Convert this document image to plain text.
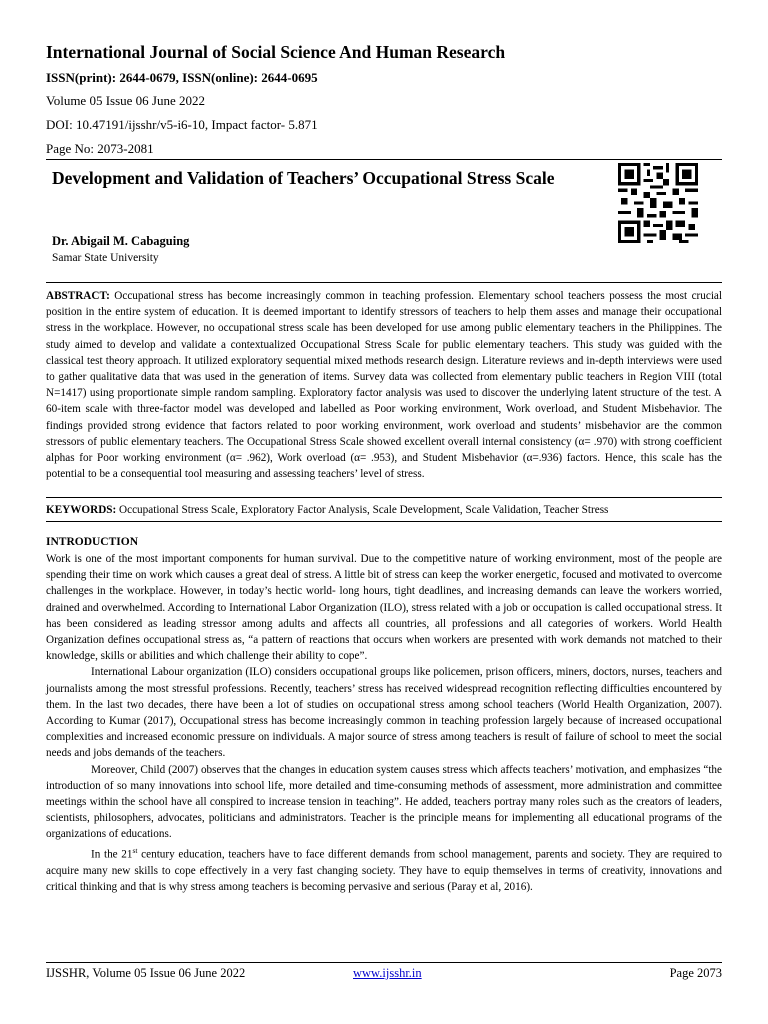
International Journal of Social Science And Human Research
ISSN(print): 2644-0679, ISSN(online): 2644-0695
Volume 05 Issue 06 June 2022
DOI: 10.47191/ijsshr/v5-i6-10, Impact factor- 5.871
Page No: 2073-2081
Development and Validation of Teachers’ Occupational Stress Scale
Dr. Abigail M. Cabaguing
Samar State University
ABSTRACT: Occupational stress has become increasingly common in teaching profession. Elementary school teachers possess the most crucial position in the entire system of education. It is deemed important to identify stressors of teachers to help them asses and manage their occupational stress in the workplace. However, no occupational stress scale has been developed for use among public elementary teachers in the Philippines. The study aimed to develop and validate a contextualized Occupational Stress Scale for public elementary teachers. This study was guided with the classical test theory approach. It utilized exploratory sequential mixed methods research design. Literature reviews and in-depth interviews were used to gather qualitative data that was used in the generation of items. Survey data was collected from elementary public teachers in Region VIII (total N=1417) using proportionate simple random sampling. Exploratory factor analysis was used to discover the underlying latent structure of the test. A 60-item scale with three-factor model was developed and labelled as Poor working environment, Work overload, and Student Misbehavior. The findings provided strong evidence that factors related to poor working environment, work overload and students’ misbehavior are the common stressors of public elementary teachers. The Occupational Stress Scale showed excellent overall internal consistency (α= .970) with strong coefficient alphas for Poor working environment (α= .962), Work overload (α= .953), and Student Misbehavior (α=.936) factors. Hence, this scale has the potential to be a consequential tool measuring and assessing teachers’ level of stress.
KEYWORDS: Occupational Stress Scale, Exploratory Factor Analysis, Scale Development, Scale Validation, Teacher Stress
INTRODUCTION

Work is one of the most important components for human survival. Due to the competitive nature of working environment, most of the people are spending their time on work which causes a great deal of stress. A little bit of stress can keep the worker energetic, focused and motivated to overcome challenges in the workplace. However, in today’s hectic world- long hours, tight deadlines, and increasing demands can leave the workers worried, drained and overwhelmed. According to International Labor Organization (ILO), stress related with a job or occupation is called occupational stress. It has been considered as leading stressor among adults and affects all countries, all professions and all categories of workers. World Health Organization defines occupational stress as, “a pattern of reactions that occurs when workers are presented with work demands not matched to their knowledge, skills or abilities and which challenge their ability to cope”.

International Labour organization (ILO) considers occupational groups like policemen, prison officers, miners, doctors, nurses, teachers and journalists among the most stressful professions. Recently, teachers’ stress has received widespread recognition reflecting difficulties encountered by them. In the last two decades, there have been a lot of studies on occupational stress among school teachers (World Health Organization, 2007). According to Kumar (2017), Occupational stress has become increasingly common in teaching profession largely because of increased occupational complexities and increased economic pressure on individuals. A major source of stress among teachers is result of failure of school to meet the social needs and jobs demands of the teachers.

Moreover, Child (2007) observes that the changes in education system causes stress which affects teachers’ motivation, and emphasizes “the introduction of so many innovations into school life, more detailed and time-consuming methods of assessment, more administration and committee meetings within the school have all conspired to increase tension in teaching”. He added, teachers portray many roles such as the creators of leaders, scientists, philosophers, advocates, politicians and administrators. Teacher is the principle means for implementing all educational programs of the organizations of educations.

In the 21st century education, teachers have to face different demands from school management, parents and society. They are required to acquire many new skills to cope effectively in a very fast changing society. They have to equip themselves in terms of creativity, innovations and critical thinking and that is why stress among teachers is becoming pervasive and serious (Paray et al, 2016).

IJSSHR, Volume 05 Issue 06 June 2022	www.ijsshr.in	Page 2073
